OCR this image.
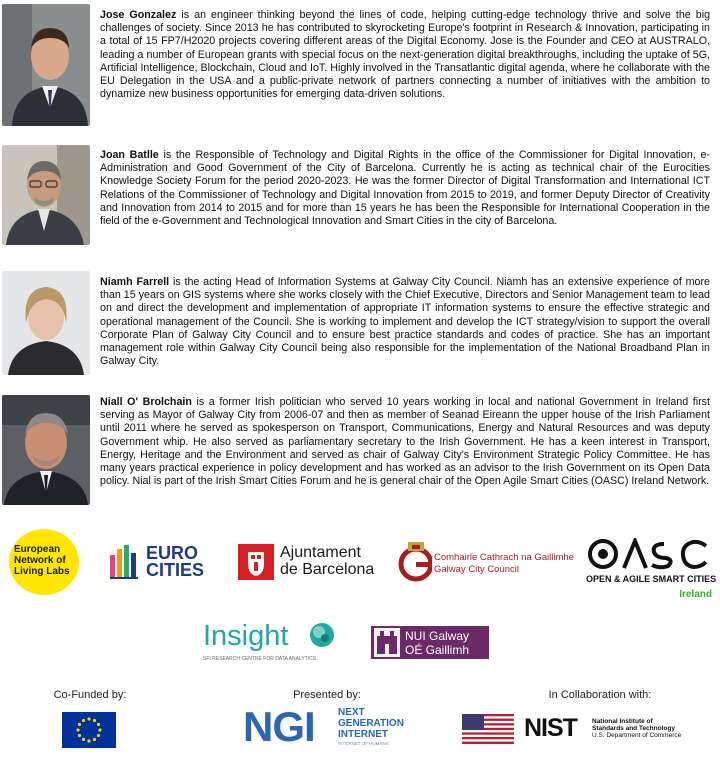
Jose Gonzalez is an engineer thinking beyond the lines of code, helping cutting-edge technology thrive and solve the big challenges of society. Since 2013 he has contributed to skyrocketing Europe's footprint in Research & Innovation, participating in a total of 15 FP7/H2020 projects covering different areas of the Digital Economy. Jose is the Founder and CEO at AUSTRALO, leading a number of European grants with special focus on the next-generation digital breakthroughs, including the uptake of 5G, Artificial Intelligence, Blockchain, Cloud and IoT. Highly involved in the Transatlantic digital agenda, where he collaborate with the EU Delegation in the USA and a public-private network of partners connecting a number of initiatives with the ambition to dynamize new business opportunities for emerging data-driven solutions.

Joan Batlle is the Responsible of Technology and Digital Rights in the office of the Commissioner for Digital Innovation, e-Administration and Good Government of the City of Barcelona. Currently he is acting as technical chair of the Eurocities Knowledge Society Forum for the period 2020-2023. He was the former Director of Digital Transformation and International ICT Relations of the Commissioner of Technology and Digital Innovation from 2015 to 2019, and former Deputy Director of Creativity and Innovation from 2014 to 2015 and for more than 15 years he has been the Responsible for International Cooperation in the field of the e-Government and Technological Innovation and Smart Cities in the city of Barcelona.

Niamh Farrell is the acting Head of Information Systems at Galway City Council. Niamh has an extensive experience of more than 15 years on GIS systems where she works closely with the Chief Executive, Directors and Senior Management team to lead on and direct the development and implementation of appropriate IT information systems to ensure the effective strategic and operational management of the Council. She is working to implement and develop the ICT strategy/vision to support the overall Corporate Plan of Galway City Council and to ensure best practice standards and codes of practice. She has an important management role within Galway City Council being also responsible for the implementation of the National Broadband Plan in Galway City.

Niall O' Brolchain is a former Irish politician who served 10 years working in local and national Government in Ireland first serving as Mayor of Galway City from 2006-07 and then as member of Seanad Eireann the upper house of the Irish Parliament until 2011 where he served as spokesperson on Transport, Communications, Energy and Natural Resources and was deputy Government whip. He also served as parliamentary secretary to the Irish Government. He has a keen interest in Transport, Energy, Heritage and the Environment and served as chair of Galway City's Environment Strategic Policy Committee. He has many years practical experience in policy development and has worked as an advisor to the Irish Government on its Open Data policy. Nial is part of the Irish Smart Cities Forum and he is general chair of the Open Agile Smart Cities (OASC) Ireland Network.

European Network of Living Labs
EURO
CITIES
Ajuntament
de Barcelona
Comhairle Cathrach na Gaillimhe
Galway City Council
OPEN & AGILE SMART CITIES
Ireland
Insight
SFI RESEARCH CENTRE FOR DATA ANALYTICS
NUI Galway
OÉ Gaillimh
Co-Funded by:	Presented by:	In Collaboration with:
NGI NEXT
GENERATION
INTERNET
INTERNET OF HUMANS
NIST National Institute of
Standards and Technology
U.S. Department of Commerce
